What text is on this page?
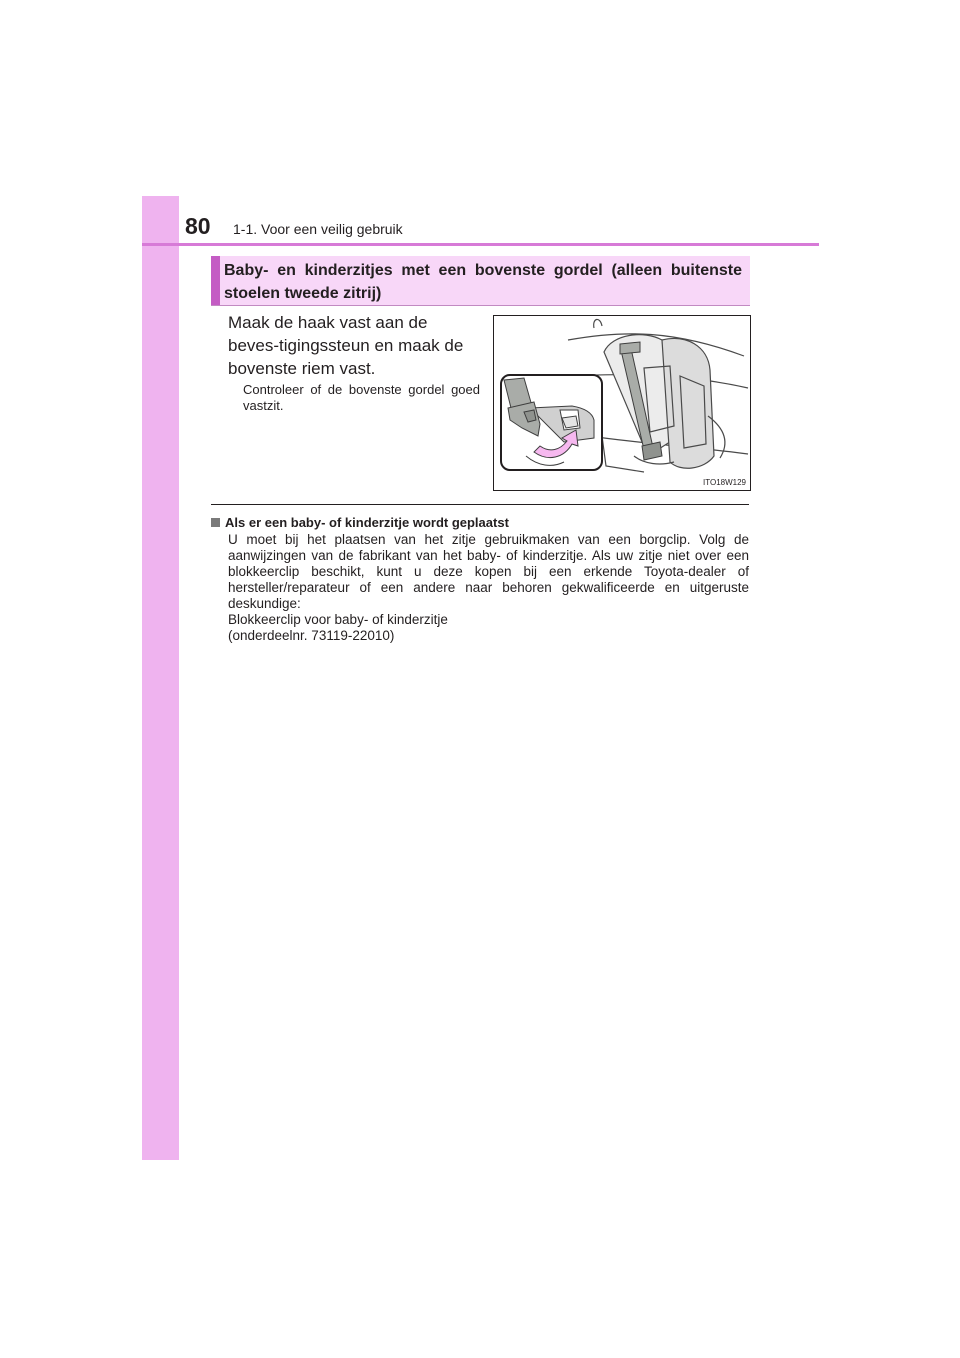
80 1-1. Voor een veilig gebruik
Baby- en kinderzitjes met een bovenste gordel (alleen buitenste
stoelen tweede zitrij)
Maak de haak vast aan de beves-tigingssteun en maak de bovenste riem vast.
Controleer of de bovenste gordel goed vastzit.
ITO18W129
Als er een baby- of kinderzitje wordt geplaatst
U moet bij het plaatsen van het zitje gebruikmaken van een borgclip. Volg de aanwijzingen van de fabrikant van het baby- of kinderzitje. Als uw zitje niet over een blokkeerclip beschikt, kunt u deze kopen bij een erkende Toyota-dealer of hersteller/reparateur of een andere naar behoren gekwalificeerde en uitgeruste deskundige:
Blokkeerclip voor baby- of kinderzitje
(onderdeelnr. 73119-22010)
